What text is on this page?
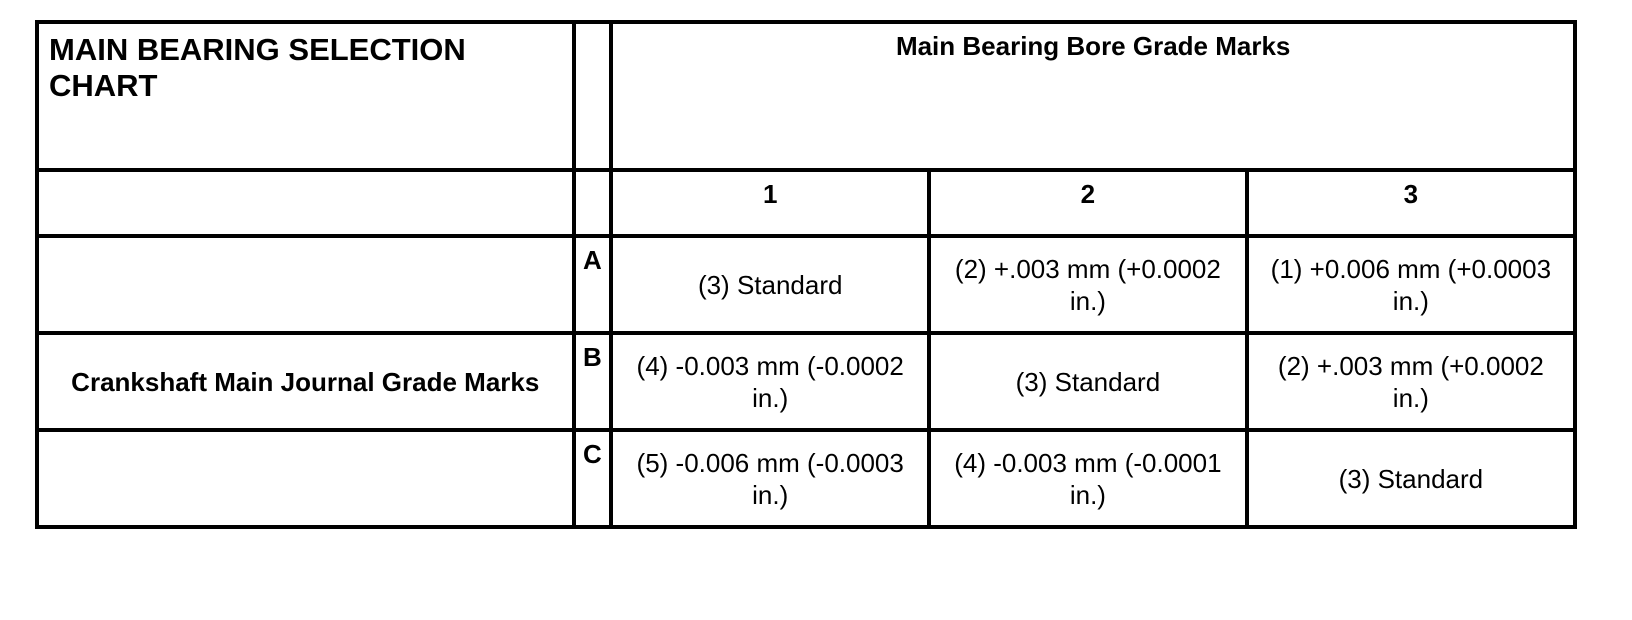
MAIN BEARING SELECTION CHART		Main Bearing Bore Grade Marks		
		1	2	3
	A	(3) Standard	(2) +.003 mm (+0.0002 in.)	(1) +0.006 mm (+0.0003 in.)
Crankshaft Main Journal Grade Marks	B	(4) -0.003 mm (-0.0002 in.)	(3) Standard	(2) +.003 mm (+0.0002 in.)
	C	(5) -0.006 mm (-0.0003 in.)	(4) -0.003 mm (-0.0001 in.)	(3) Standard
